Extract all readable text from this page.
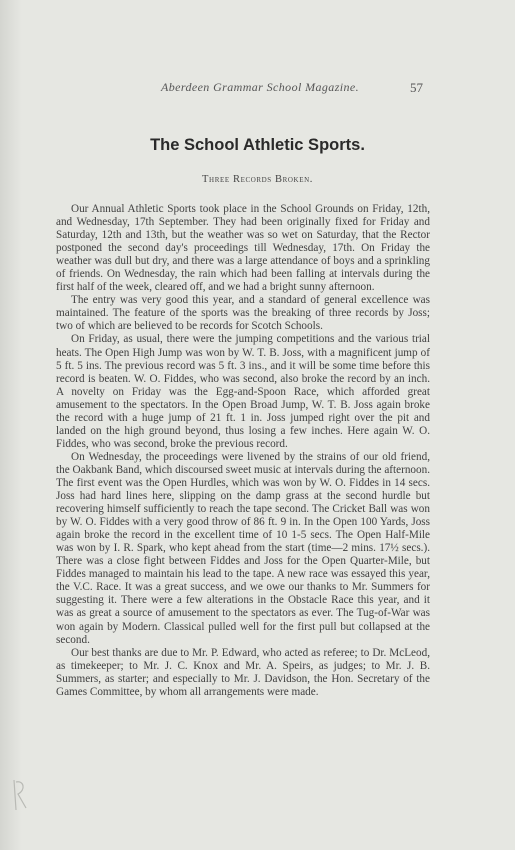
Aberdeen Grammar School Magazine.	57
The School Athletic Sports.
Three Records Broken.

Our Annual Athletic Sports took place in the School Grounds on Friday, 12th, and Wednesday, 17th September. They had been originally fixed for Friday and Saturday, 12th and 13th, but the weather was so wet on Saturday, that the Rector postponed the second day's proceedings till Wednesday, 17th. On Friday the weather was dull but dry, and there was a large attendance of boys and a sprinkling of friends. On Wednesday, the rain which had been falling at intervals during the first half of the week, cleared off, and we had a bright sunny afternoon.

The entry was very good this year, and a standard of general excellence was maintained. The feature of the sports was the breaking of three records by Joss; two of which are believed to be records for Scotch Schools.

On Friday, as usual, there were the jumping competitions and the various trial heats. The Open High Jump was won by W. T. B. Joss, with a magnificent jump of 5 ft. 5 ins. The previous record was 5 ft. 3 ins., and it will be some time before this record is beaten. W. O. Fiddes, who was second, also broke the record by an inch. A novelty on Friday was the Egg-and-Spoon Race, which afforded great amusement to the spectators. In the Open Broad Jump, W. T. B. Joss again broke the record with a huge jump of 21 ft. 1 in. Joss jumped right over the pit and landed on the high ground beyond, thus losing a few inches. Here again W. O. Fiddes, who was second, broke the previous record.

On Wednesday, the proceedings were livened by the strains of our old friend, the Oakbank Band, which discoursed sweet music at intervals during the afternoon. The first event was the Open Hurdles, which was won by W. O. Fiddes in 14 secs. Joss had hard lines here, slipping on the damp grass at the second hurdle but recovering himself sufficiently to reach the tape second. The Cricket Ball was won by W. O. Fiddes with a very good throw of 86 ft. 9 in. In the Open 100 Yards, Joss again broke the record in the excellent time of 10 1-5 secs. The Open Half-Mile was won by I. R. Spark, who kept ahead from the start (time—2 mins. 17½ secs.). There was a close fight between Fiddes and Joss for the Open Quarter-Mile, but Fiddes managed to maintain his lead to the tape. A new race was essayed this year, the V.C. Race. It was a great success, and we owe our thanks to Mr. Summers for suggesting it. There were a few alterations in the Obstacle Race this year, and it was as great a source of amusement to the spectators as ever. The Tug-of-War was won again by Modern. Classical pulled well for the first pull but collapsed at the second.

Our best thanks are due to Mr. P. Edward, who acted as referee; to Dr. McLeod, as timekeeper; to Mr. J. C. Knox and Mr. A. Speirs, as judges; to Mr. J. B. Summers, as starter; and especially to Mr. J. Davidson, the Hon. Secretary of the Games Committee, by whom all arrangements were made.
